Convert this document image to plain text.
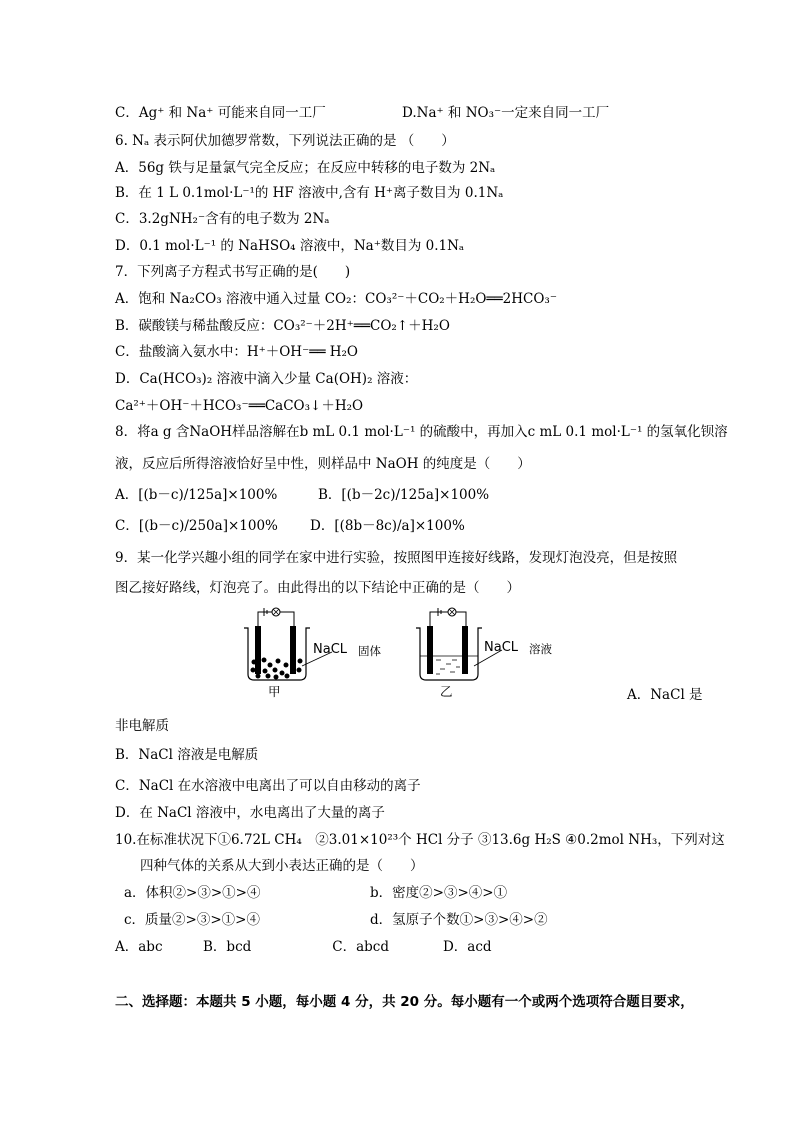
C．Ag⁺ 和 Na⁺ 可能来自同一工厂	D.Na⁺ 和 NO₃⁻一定来自同一工厂
6. Nₐ 表示阿伏加德罗常数，下列说法正确的是 （　　）
A．56g 铁与足量氯气完全反应；在反应中转移的电子数为 2Nₐ
B．在 1 L 0.1mol·L⁻¹的 HF 溶液中,含有 H⁺离子数目为 0.1Nₐ
C．3.2gNH₂⁻含有的电子数为 2Nₐ
D．0.1 mol·L⁻¹ 的 NaHSO₄ 溶液中，Na⁺数目为 0.1Nₐ
7．下列离子方程式书写正确的是(　　)
A．饱和 Na₂CO₃ 溶液中通入过量 CO₂：CO₃²⁻＋CO₂＋H₂O══2HCO₃⁻
B．碳酸镁与稀盐酸反应：CO₃²⁻＋2H⁺══CO₂↑＋H₂O
C．盐酸滴入氨水中：H⁺＋OH⁻══ H₂O
D．Ca(HCO₃)₂ 溶液中滴入少量 Ca(OH)₂ 溶液：
Ca²⁺＋OH⁻＋HCO₃⁻══CaCO₃↓＋H₂O
8．将a g 含NaOH样品溶解在b mL 0.1 mol·L⁻¹ 的硫酸中，再加入c mL 0.1 mol·L⁻¹ 的氢氧化钡溶
液，反应后所得溶液恰好呈中性，则样品中 NaOH 的纯度是（　　）
A．[(b－c)/125a]×100%	B．[(b－2c)/125a]×100%
C．[(b－c)/250a]×100% D．[(8b－8c)/a]×100%
9．某一化学兴趣小组的同学在家中进行实验，按照图甲连接好线路，发现灯泡没亮，但是按照
图乙接好路线，灯泡亮了。由此得出的以下结论中正确的是（　　）
NaCL 固体
甲
NaCL 溶液
乙	A．NaCl 是
非电解质
B．NaCl 溶液是电解质
C．NaCl 在水溶液中电离出了可以自由移动的离子
D．在 NaCl 溶液中，水电离出了大量的离子
10.在标准状况下①6.72L CH₄　②3.01×10²³个 HCl 分子 ③13.6g H₂S ④0.2mol NH₃，下列对这
四种气体的关系从大到小表达正确的是（　　）
a．体积②>③>①>④	b．密度②>③>④>①
c．质量②>③>①>④	d．氢原子个数①>③>④>②
A．abc　　　B．bcd　　　　　　C．abcd　　　　D．acd
二、选择题：本题共 5 小题，每小题 4 分，共 20 分。每小题有一个或两个选项符合题目要求，
